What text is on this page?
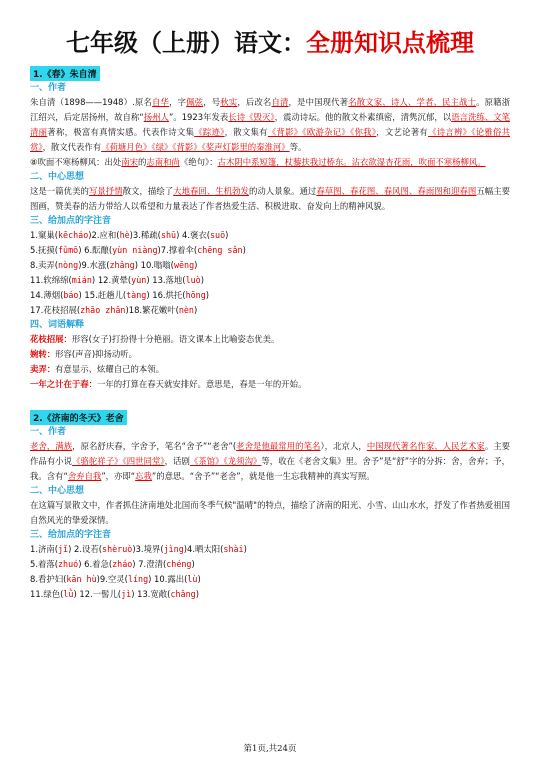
七年级（上册）语文：全册知识点梳理
1.《春》朱自清
一、作者

朱自清（1898——1948）.原名自华，字佩弦，号秋实，后改名自清，是中国现代著名散文家、诗人、学者、民主战士。原籍浙江绍兴，后定居扬州，故自称“扬州人”。1923年发表长诗《毁灭》，震动诗坛。他的散文朴素缜密，清隽沉郁，以语言洗练、文笔清丽著称，极富有真情实感。代表作诗文集《踪迹》，散文集有《背影》《欧游杂记》《你我》，文艺论著有《诗言辨》《论雅俗共赏》，散文代表作有《荷塘月色》《绿》《背影》《桨声灯影里的秦淮河》等。

⑧吹面不寒杨柳风：出处南宋的志南和尚《绝句》：古木阴中系短篷，杖藜扶我过桥东。沾衣欲湿杏花雨，吹面不寒杨柳风。

二、中心思想

这是一篇优美的写景抒情散文，描绘了大地春回、生机勃发的动人景象。通过春草图、春花图、春风图、春雨图和迎春图五幅主要图画，赞美春的活力带给人以希望和力量表达了作者热爱生活、积极进取、奋发向上的精神风貌。

三、给加点的字注音
1.窠巢(kēcháo)2.应和(hè)3.稀疏(shū) 4.褒衣(suō)
5.抚摸(fǔmō) 6.酝酿(yùn niàng)7.撑着伞(chēng sǎn)
8.卖弄(nòng)9.水涨(zhǎng) 10.嗡嗡(wēng)
11.软绵绵(mián) 12.黄晕(yùn) 13.落地(luò)
14.薄烟(báo) 15.赶趟儿(tàng) 16.烘托(hōng)
17.花枝招展(zhāo zhǎn)18.繁花嫩叶(nèn)
四、词语解释

花枝招展：形容(女子)打扮得十分艳丽。语文课本上比喻姿态优美。

婉转：形容(声音)抑扬动听。

卖弄：有意显示、炫耀自己的本领。

一年之计在于春：一年的打算在春天就安排好。意思是，春是一年的开始。

2.《济南的冬天》老舍
一、作者

老舍，满族，原名舒庆春，字舍予，笔名“舍予”“老舍”(老舍是他最常用的笔名），北京人，中国现代著名作家、人民艺术家。主要作品有小说《骆驼祥子》《四世同堂》，话剧《茶馆》《龙须沟》等，收在《老舍文集》里。舍予”是“舒”字的分拆：舍，舍弃；予，我。含有“舍弃自我”，亦即“忘我”的意思。“舍予”“老舍”，就是他一生忘我精神的真实写照。

二、中心思想

在这篇写景散文中，作者抓住济南地处北国而冬季气候"温晴"的特点，描绘了济南的阳光、小雪、山山水水，抒发了作者热爱祖国自然风光的挚爱深情。

三、给加点的字注音
1.济南(jǐ) 2.设若(shèruò)3.境界(jìng)4.晒太阳(shài)
5.着落(zhuó) 6.着急(zháo) 7.澄清(chéng)
8.看护妇(kān hù)9.空灵(líng) 10.露出(lù)
11.绿色(lǜ) 12.一髻儿(jì) 13.宽敞(chǎng)
第1页,共24页
